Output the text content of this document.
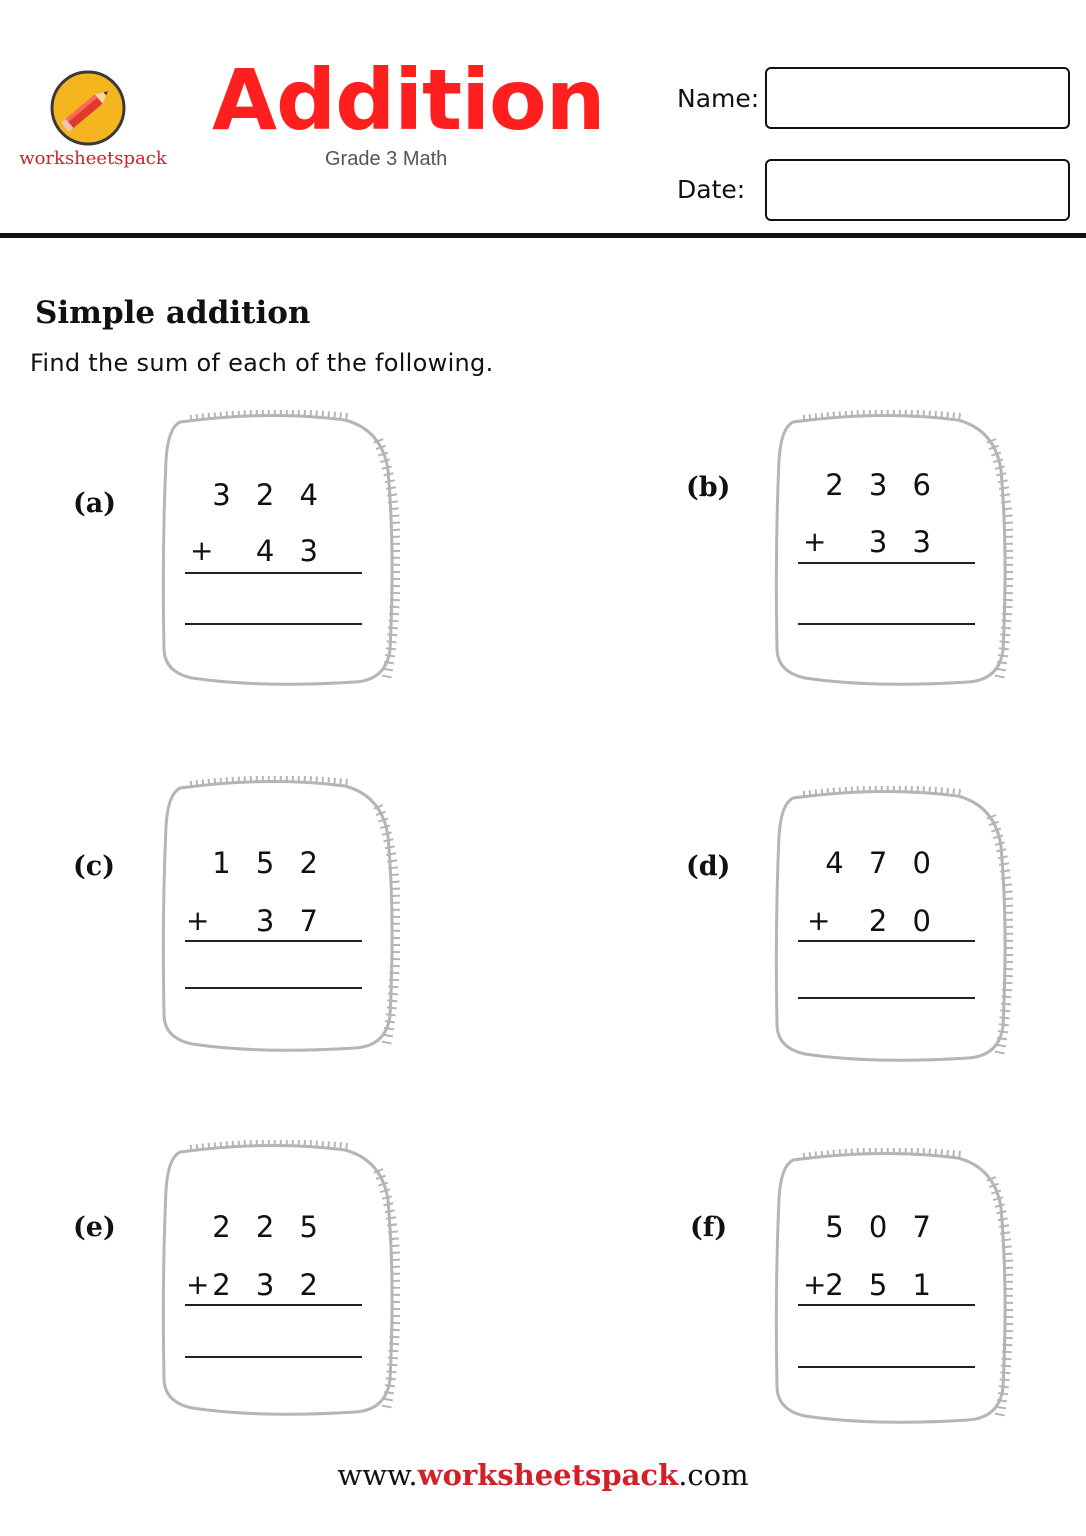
worksheetspack
Addition
Grade 3 Math
Name:
Date:
Simple addition
Find the sum of each of the following.
(a)	3 2 4
+	4 3
(b)	2 3 6
+	3 3
(c)	1 5 2
+	3 7
(d)	4 7 0
+	2 0
(e)	2 2 5
+ 2 3 2
(f)	5 0 7
+
2 5 1
www.worksheetspack.com
